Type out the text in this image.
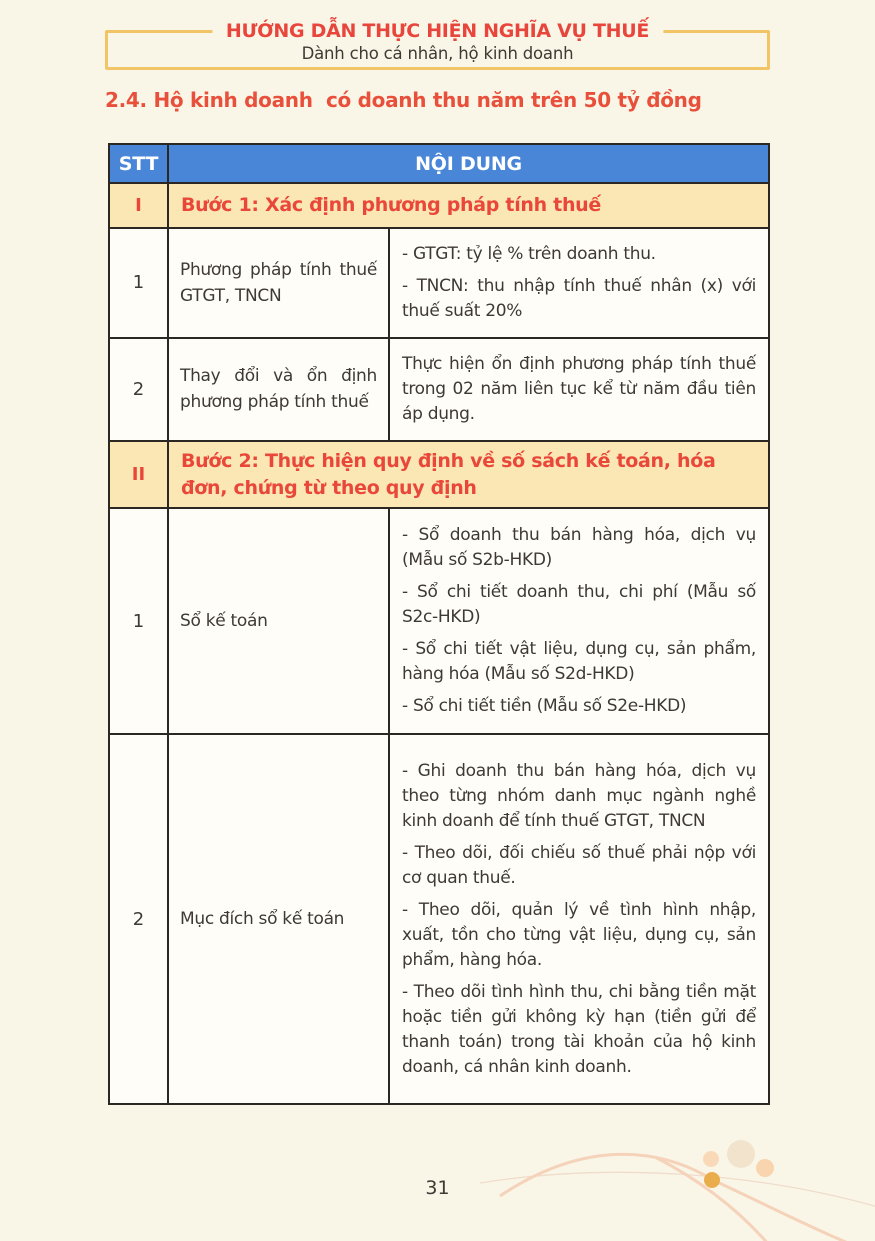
HƯỚNG DẪN THỰC HIỆN NGHĨA VỤ THUẾ
Dành cho cá nhân, hộ kinh doanh
2.4. Hộ kinh doanh  có doanh thu năm trên 50 tỷ đồng
STT	NỘI DUNG	
I	Bước 1: Xác định phương pháp tính thuế	
1	Phương pháp tính thuế GTGT, TNCN	- GTGT: tỷ lệ % trên doanh thu.

- TNCN: thu nhập tính thuế nhân (x) với thuế suất 20%

2	Thay đổi và ổn định phương pháp tính thuế	Thực hiện ổn định phương pháp tính thuế trong 02 năm liên tục kể từ năm đầu tiên áp dụng.

II	Bước 2: Thực hiện quy định về số sách kế toán, hóa đơn, chứng từ theo quy định	
1	Sổ kế toán	- Sổ doanh thu bán hàng hóa, dịch vụ (Mẫu số S2b-HKD)

- Sổ chi tiết doanh thu, chi phí (Mẫu số S2c-HKD)

- Sổ chi tiết vật liệu, dụng cụ, sản phẩm, hàng hóa (Mẫu số S2d-HKD)

- Sổ chi tiết tiền (Mẫu số S2e-HKD)

2	Mục đích sổ kế toán	- Ghi doanh thu bán hàng hóa, dịch vụ theo từng nhóm danh mục ngành nghề kinh doanh để tính thuế GTGT, TNCN

- Theo dõi, đối chiếu số thuế phải nộp với cơ quan thuế.

- Theo dõi, quản lý về tình hình nhập, xuất, tồn cho từng vật liệu, dụng cụ, sản phẩm, hàng hóa.

- Theo dõi tình hình thu, chi bằng tiền mặt hoặc tiền gửi không kỳ hạn (tiền gửi để thanh toán) trong tài khoản của hộ kinh doanh, cá nhân kinh doanh.

31
